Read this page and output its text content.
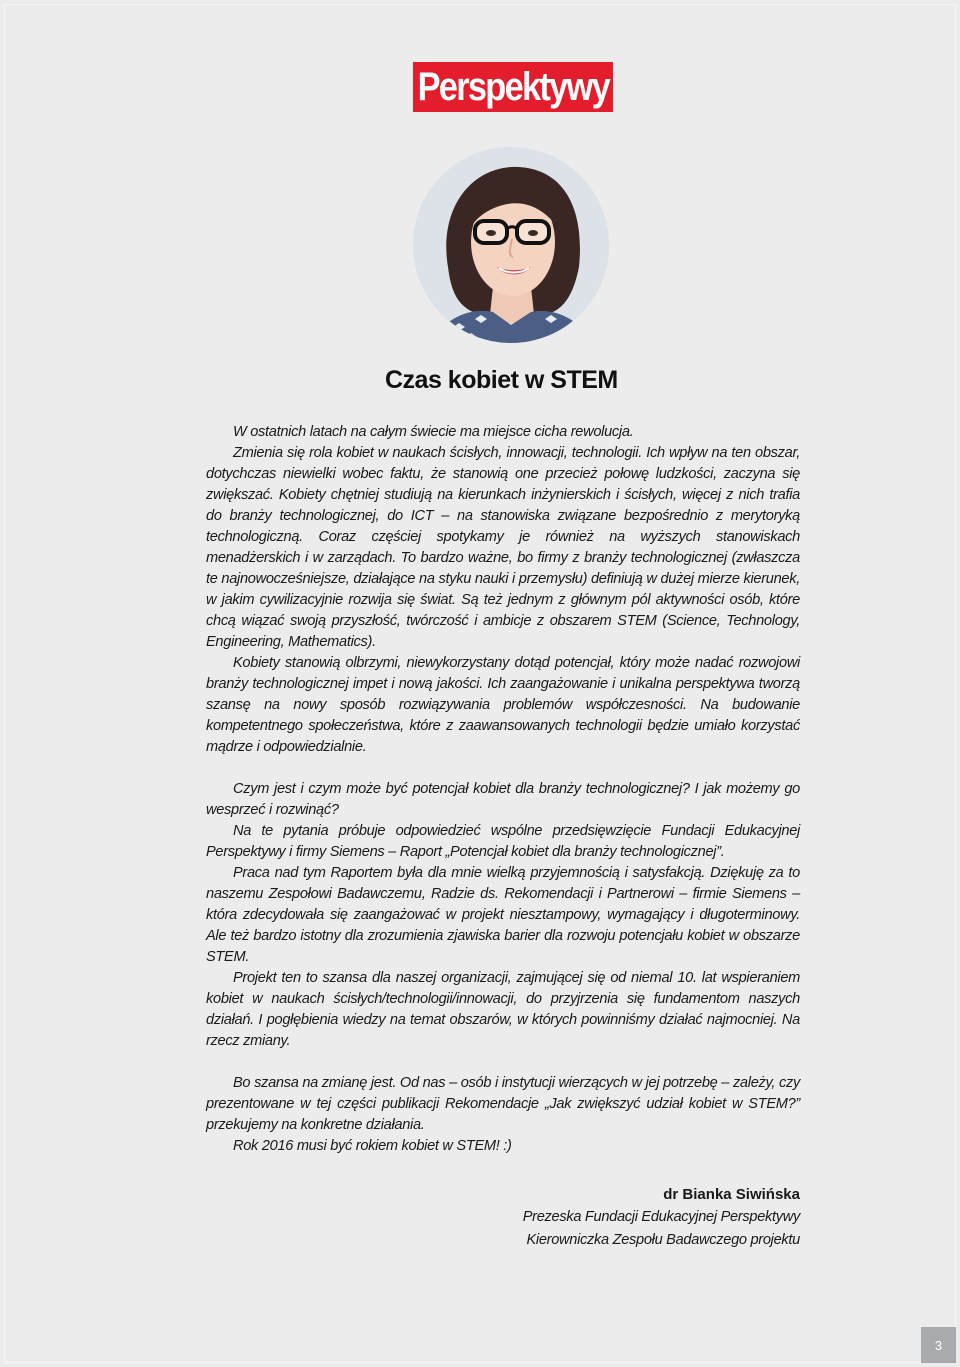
Perspektywy
Czas kobiet w STEM

W ostatnich latach na całym świecie ma miejsce cicha rewolucja.

Zmienia się rola kobiet w naukach ścisłych, innowacji, technologii. Ich wpływ na ten obszar, dotychczas niewielki wobec faktu, że stanowią one przecież połowę ludzkości, zaczyna się zwiększać. Kobiety chętniej studiują na kierunkach inżynierskich i ścisłych, więcej z nich trafia do branży technologicznej, do ICT – na stanowiska związane bezpośrednio z merytoryką technologiczną. Coraz częściej spotykamy je również na wyższych stanowiskach menadżerskich i w zarządach. To bardzo ważne, bo firmy z branży technologicznej (zwłaszcza te najnowocześniejsze, działające na styku nauki i przemysłu) definiują w dużej mierze kierunek, w jakim cywilizacyjnie rozwija się świat. Są też jednym z głównym pól aktywności osób, które chcą wiązać swoją przyszłość, twórczość i ambicje z obszarem STEM (Science, Technology, Engineering, Mathematics).

Kobiety stanowią olbrzymi, niewykorzystany dotąd potencjał, który może nadać rozwojowi branży technologicznej impet i nową jakości. Ich zaangażowanie i unikalna perspektywa tworzą szansę na nowy sposób rozwiązywania problemów współczesności. Na budowanie kompetentnego społeczeństwa, które z zaawansowanych technologii będzie umiało korzystać mądrze i odpowiedzialnie.

Czym jest i czym może być potencjał kobiet dla branży technologicznej? I jak możemy go wesprzeć i rozwinąć?

Na te pytania próbuje odpowiedzieć wspólne przedsięwzięcie Fundacji Edukacyjnej Perspektywy i firmy Siemens – Raport „Potencjał kobiet dla branży technologicznej”.

Praca nad tym Raportem była dla mnie wielką przyjemnością i satysfakcją. Dziękuję za to naszemu Zespołowi Badawczemu, Radzie ds. Rekomendacji i Partnerowi – firmie Siemens – która zdecydowała się zaangażować w projekt niesztampowy, wymagający i długoterminowy. Ale też bardzo istotny dla zrozumienia zjawiska barier dla rozwoju potencjału kobiet w obszarze STEM.

Projekt ten to szansa dla naszej organizacji, zajmującej się od niemal 10. lat wspieraniem kobiet w naukach ścisłych/technologii/innowacji, do przyjrzenia się fundamentom naszych działań. I pogłębienia wiedzy na temat obszarów, w których powinniśmy działać najmocniej. Na rzecz zmiany.

Bo szansa na zmianę jest. Od nas – osób i instytucji wierzących w jej potrzebę – zależy, czy prezentowane w tej części publikacji Rekomendacje „Jak zwiększyć udział kobiet w STEM?” przekujemy na konkretne działania.

Rok 2016 musi być rokiem kobiet w STEM! :)

dr Bianka Siwińska
Prezeska Fundacji Edukacyjnej Perspektywy
Kierowniczka Zespołu Badawczego projektu
3
